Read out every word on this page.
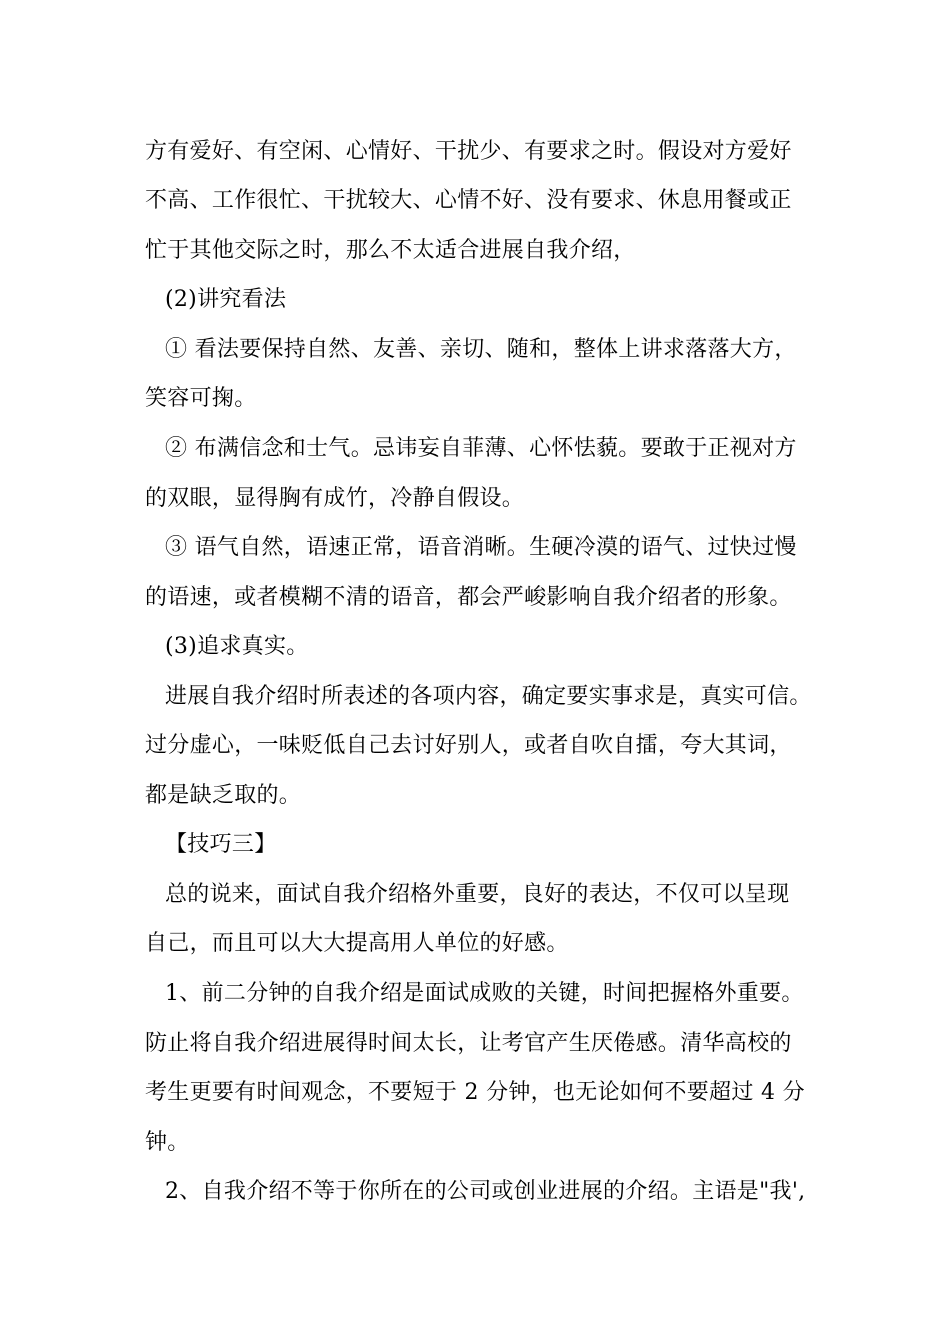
方有爱好、有空闲、心情好、干扰少、有要求之时。假设对方爱好
不高、工作很忙、干扰较大、心情不好、没有要求、休息用餐或正
忙于其他交际之时，那么不太适合进展自我介绍，
(2)讲究看法
① 看法要保持自然、友善、亲切、随和，整体上讲求落落大方，
笑容可掬。
② 布满信念和士气。忌讳妄自菲薄、心怀怯藐。要敢于正视对方
的双眼，显得胸有成竹，冷静自假设。
③ 语气自然，语速正常，语音消晰。生硬冷漠的语气、过快过慢
的语速，或者模糊不清的语音，都会严峻影响自我介绍者的形象。
(3)追求真实。
进展自我介绍时所表述的各项内容，确定要实事求是，真实可信。
过分虚心，一味贬低自己去讨好别人，或者自吹自擂，夸大其词，
都是缺乏取的。
【技巧三】
总的说来，面试自我介绍格外重要，良好的表达，不仅可以呈现
自己，而且可以大大提高用人单位的好感。
1、前二分钟的自我介绍是面试成败的关键，时间把握格外重要。
防止将自我介绍进展得时间太长，让考官产生厌倦感。清华高校的
考生更要有时间观念，不要短于 2 分钟，也无论如何不要超过 4 分
钟。
2、自我介绍不等于你所在的公司或创业进展的介绍。主语是"我',
